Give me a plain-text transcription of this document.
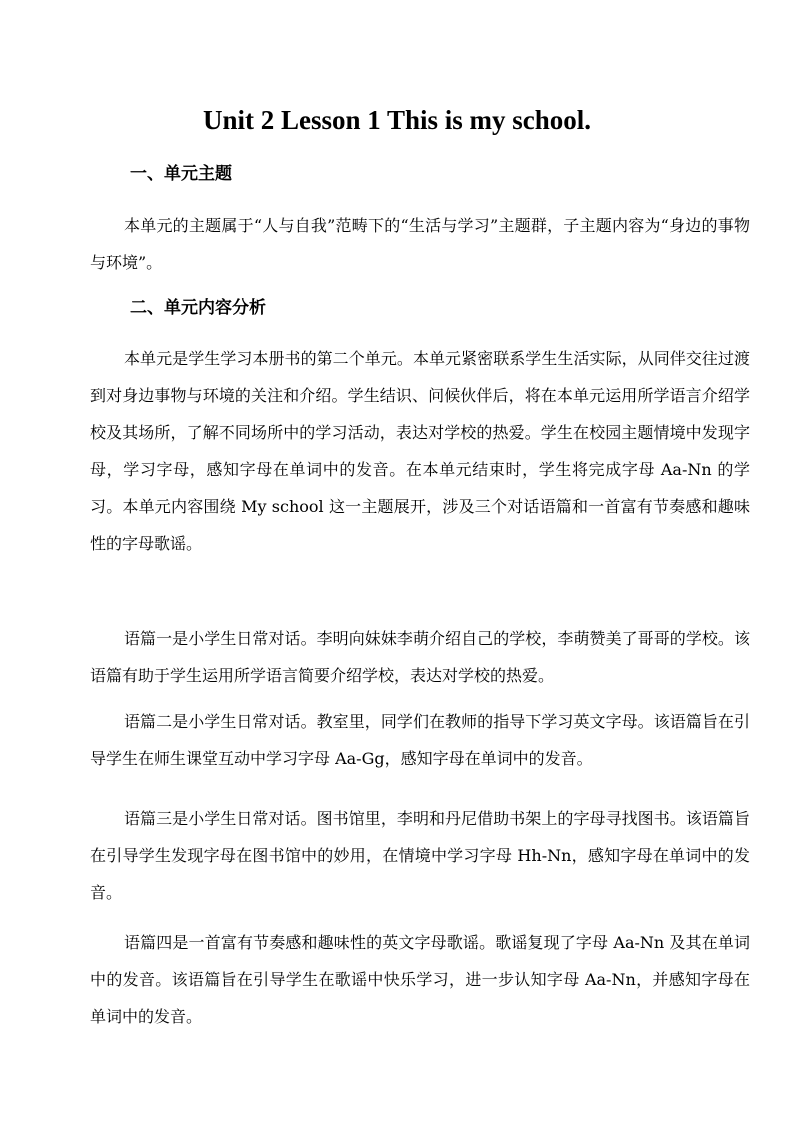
Unit 2 Lesson 1 This is my school.
一、单元主题

本单元的主题属于“人与自我”范畴下的“生活与学习”主题群，子主题内容为“身边的事物与环境”。

二、单元内容分析

本单元是学生学习本册书的第二个单元。本单元紧密联系学生生活实际，从同伴交往过渡到对身边事物与环境的关注和介绍。学生结识、问候伙伴后，将在本单元运用所学语言介绍学校及其场所，了解不同场所中的学习活动，表达对学校的热爱。学生在校园主题情境中发现字母，学习字母，感知字母在单词中的发音。在本单元结束时，学生将完成字母 Aa-Nn 的学习。本单元内容围绕 My school 这一主题展开，涉及三个对话语篇和一首富有节奏感和趣味性的字母歌谣。

语篇一是小学生日常对话。李明向妹妹李萌介绍自己的学校，李萌赞美了哥哥的学校。该语篇有助于学生运用所学语言简要介绍学校，表达对学校的热爱。

语篇二是小学生日常对话。教室里，同学们在教师的指导下学习英文字母。该语篇旨在引导学生在师生课堂互动中学习字母 Aa-Gg，感知字母在单词中的发音。

语篇三是小学生日常对话。图书馆里，李明和丹尼借助书架上的字母寻找图书。该语篇旨在引导学生发现字母在图书馆中的妙用，在情境中学习字母 Hh-Nn，感知字母在单词中的发音。

语篇四是一首富有节奏感和趣味性的英文字母歌谣。歌谣复现了字母 Aa-Nn 及其在单词中的发音。该语篇旨在引导学生在歌谣中快乐学习，进一步认知字母 Aa-Nn，并感知字母在单词中的发音。
